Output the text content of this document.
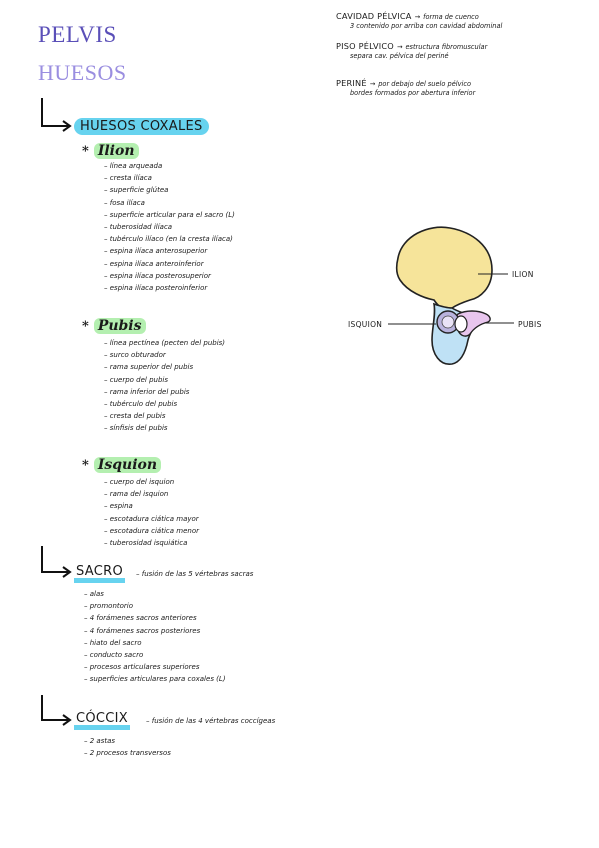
PELVIS
HUESOS
CAVIDAD PÉLVICA → forma de cuenco
3 contenido por arriba con cavidad abdominal
PISO PÉLVICO → estructura fibromuscular
separa cav. pélvica del periné
PERINÉ → por debajo del suelo pélvico
bordes formados por abertura inferior
HUESOS COXALES
* Ilion
– línea arqueada
– cresta ilíaca
– superficie glútea
– fosa ilíaca
– superficie articular para el sacro (L)
– tuberosidad ilíaca
– tubérculo ilíaco (en la cresta ilíaca)
– espina ilíaca anterosuperior
– espina ilíaca anteroinferior
– espina ilíaca posterosuperior
– espina ilíaca posteroinferior
* Pubis
– línea pectínea (pecten del pubis)
– surco obturador
– rama superior del pubis
– cuerpo del pubis
– rama inferior del pubis
– tubérculo del pubis
– cresta del pubis
– sínfisis del pubis
* Isquion
– cuerpo del isquion
– rama del isquion
– espina
– escotadura ciática mayor
– escotadura ciática menor
– tuberosidad isquiática
SACRO – fusión de las 5 vértebras sacras
– alas
– promontorio
– 4 forámenes sacros anteriores
– 4 forámenes sacros posteriores
– hiato del sacro
– conducto sacro
– procesos articulares superiores
– superficies articulares para coxales (L)
CÓCCIX	– fusión de las 4 vértebras coccígeas
– 2 astas
– 2 procesos transversos
ILION
ISQUION	PUBIS
